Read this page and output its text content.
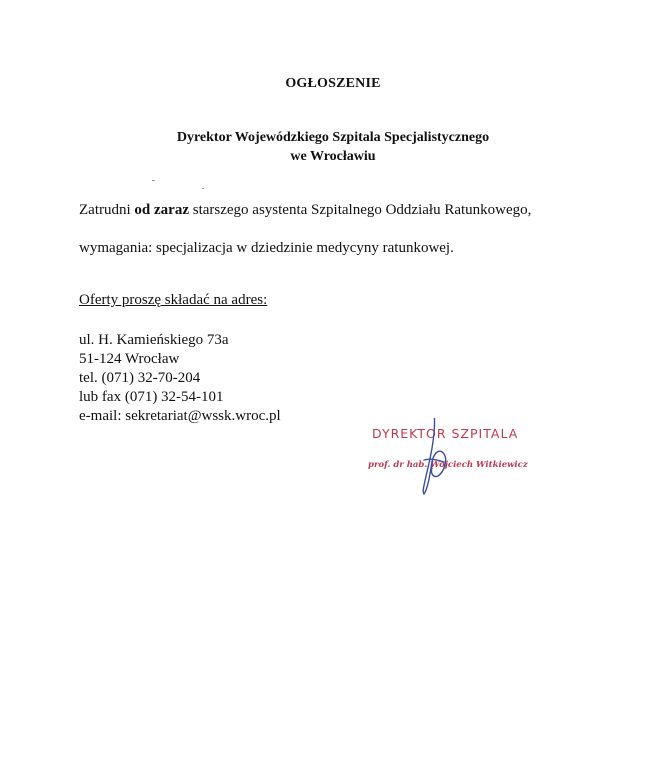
OGŁOSZENIE
Dyrektor Wojewódzkiego Szpitala Specjalistycznego
we Wrocławiu
Zatrudni od zaraz starszego asystenta Szpitalnego Oddziału Ratunkowego,
wymagania: specjalizacja w dziedzinie medycyny ratunkowej.
Oferty proszę składać na adres:
ul. H. Kamieńskiego 73a
51-124 Wrocław
tel. (071) 32-70-204
lub fax (071) 32-54-101
e-mail: sekretariat@wssk.wroc.pl
DYREKTOR SZPITALA
prof. dr hab. Wojciech Witkiewicz
